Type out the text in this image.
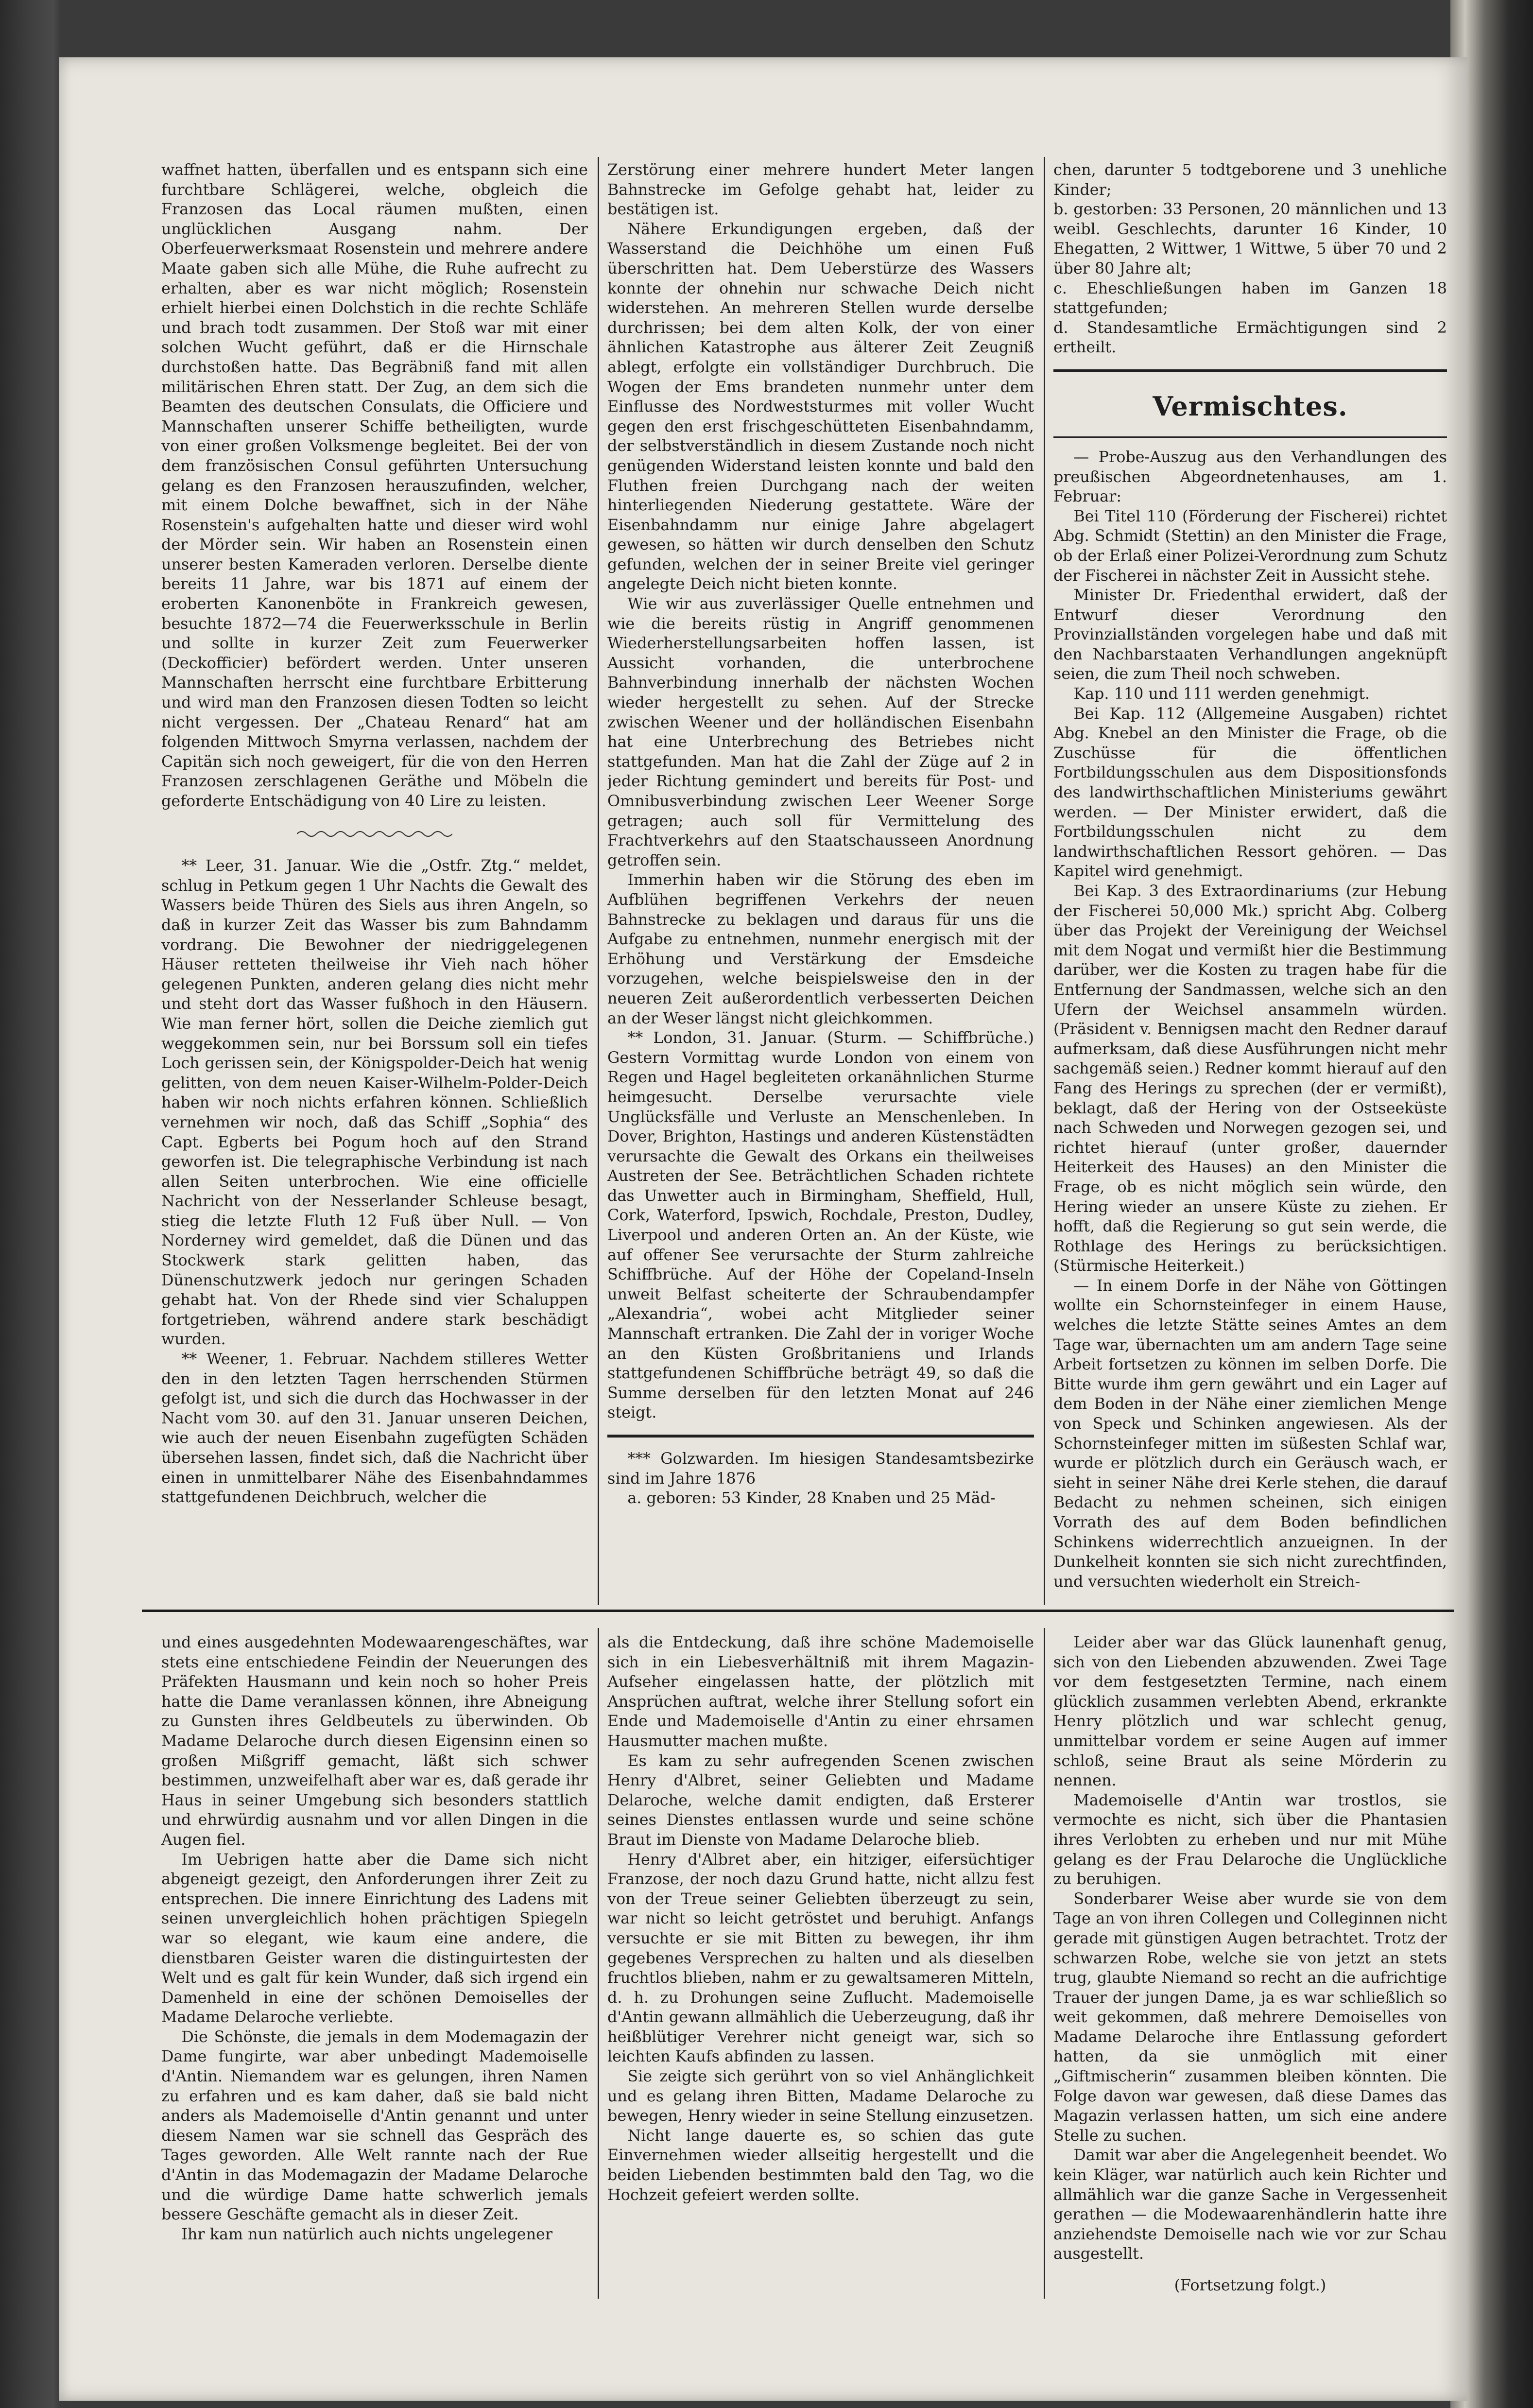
waffnet hatten, überfallen und es entspann sich eine furchtbare Schlägerei, welche, obgleich die Franzosen das Local räumen mußten, einen unglücklichen Ausgang nahm. Der Oberfeuerwerksmaat Rosenstein und mehrere andere Maate gaben sich alle Mühe, die Ruhe aufrecht zu erhalten, aber es war nicht möglich; Rosenstein erhielt hierbei einen Dolchstich in die rechte Schläfe und brach todt zusammen. Der Stoß war mit einer solchen Wucht geführt, daß er die Hirnschale durchstoßen hatte. Das Begräbniß fand mit allen militärischen Ehren statt. Der Zug, an dem sich die Beamten des deutschen Consulats, die Officiere und Mannschaften unserer Schiffe betheiligten, wurde von einer großen Volksmenge begleitet. Bei der von dem französischen Consul geführten Untersuchung gelang es den Franzosen herauszufinden, welcher, mit einem Dolche bewaffnet, sich in der Nähe Rosenstein's aufgehalten hatte und dieser wird wohl der Mörder sein. Wir haben an Rosenstein einen unserer besten Kameraden verloren. Derselbe diente bereits 11 Jahre, war bis 1871 auf einem der eroberten Kanonenböte in Frankreich gewesen, besuchte 1872—74 die Feuerwerksschule in Berlin und sollte in kurzer Zeit zum Feuerwerker (Deckofficier) befördert werden. Unter unseren Mannschaften herrscht eine furchtbare Erbitterung und wird man den Franzosen diesen Todten so leicht nicht vergessen. Der „Chateau Renard“ hat am folgenden Mittwoch Smyrna verlassen, nachdem der Capitän sich noch geweigert, für die von den Herren Franzosen zerschlagenen Geräthe und Möbeln die geforderte Entschädigung von 40 Lire zu leisten.

** Leer, 31. Januar. Wie die „Ostfr. Ztg.“ meldet, schlug in Petkum gegen 1 Uhr Nachts die Gewalt des Wassers beide Thüren des Siels aus ihren Angeln, so daß in kurzer Zeit das Wasser bis zum Bahndamm vordrang. Die Bewohner der niedriggelegenen Häuser retteten theilweise ihr Vieh nach höher gelegenen Punkten, anderen gelang dies nicht mehr und steht dort das Wasser fußhoch in den Häusern. Wie man ferner hört, sollen die Deiche ziemlich gut weggekommen sein, nur bei Borssum soll ein tiefes Loch gerissen sein, der Königspolder-Deich hat wenig gelitten, von dem neuen Kaiser-Wilhelm-Polder-Deich haben wir noch nichts erfahren können. Schließlich vernehmen wir noch, daß das Schiff „Sophia“ des Capt. Egberts bei Pogum hoch auf den Strand geworfen ist. Die telegraphische Verbindung ist nach allen Seiten unterbrochen. Wie eine officielle Nachricht von der Nesserlander Schleuse besagt, stieg die letzte Fluth 12 Fuß über Null. — Von Norderney wird gemeldet, daß die Dünen und das Stockwerk stark gelitten haben, das Dünenschutzwerk jedoch nur geringen Schaden gehabt hat. Von der Rhede sind vier Schaluppen fortgetrieben, während andere stark beschädigt wurden.

** Weener, 1. Februar. Nachdem stilleres Wetter den in den letzten Tagen herrschenden Stürmen gefolgt ist, und sich die durch das Hochwasser in der Nacht vom 30. auf den 31. Januar unseren Deichen, wie auch der neuen Eisenbahn zugefügten Schäden übersehen lassen, findet sich, daß die Nachricht über einen in unmittelbarer Nähe des Eisenbahndammes stattgefundenen Deichbruch, welcher die

Zerstörung einer mehrere hundert Meter langen Bahnstrecke im Gefolge gehabt hat, leider zu bestätigen ist.

Nähere Erkundigungen ergeben, daß der Wasserstand die Deichhöhe um einen Fuß überschritten hat. Dem Ueberstürze des Wassers konnte der ohnehin nur schwache Deich nicht widerstehen. An mehreren Stellen wurde derselbe durchrissen; bei dem alten Kolk, der von einer ähnlichen Katastrophe aus älterer Zeit Zeugniß ablegt, erfolgte ein vollständiger Durchbruch. Die Wogen der Ems brandeten nunmehr unter dem Einflusse des Nordweststurmes mit voller Wucht gegen den erst frischgeschütteten Eisenbahndamm, der selbstverständlich in diesem Zustande noch nicht genügenden Widerstand leisten konnte und bald den Fluthen freien Durchgang nach der weiten hinterliegenden Niederung gestattete. Wäre der Eisenbahndamm nur einige Jahre abgelagert gewesen, so hätten wir durch denselben den Schutz gefunden, welchen der in seiner Breite viel geringer angelegte Deich nicht bieten konnte.

Wie wir aus zuverlässiger Quelle entnehmen und wie die bereits rüstig in Angriff genommenen Wiederherstellungsarbeiten hoffen lassen, ist Aussicht vorhanden, die unterbrochene Bahnverbindung innerhalb der nächsten Wochen wieder hergestellt zu sehen. Auf der Strecke zwischen Weener und der holländischen Eisenbahn hat eine Unterbrechung des Betriebes nicht stattgefunden. Man hat die Zahl der Züge auf 2 in jeder Richtung gemindert und bereits für Post- und Omnibusverbindung zwischen Leer Weener Sorge getragen; auch soll für Vermittelung des Frachtverkehrs auf den Staatschausseen Anordnung getroffen sein.

Immerhin haben wir die Störung des eben im Aufblühen begriffenen Verkehrs der neuen Bahnstrecke zu beklagen und daraus für uns die Aufgabe zu entnehmen, nunmehr energisch mit der Erhöhung und Verstärkung der Emsdeiche vorzugehen, welche beispielsweise den in der neueren Zeit außerordentlich verbesserten Deichen an der Weser längst nicht gleichkommen.

** London, 31. Januar. (Sturm. — Schiffbrüche.) Gestern Vormittag wurde London von einem von Regen und Hagel begleiteten orkanähnlichen Sturme heimgesucht. Derselbe verursachte viele Unglücksfälle und Verluste an Menschenleben. In Dover, Brighton, Hastings und anderen Küstenstädten verursachte die Gewalt des Orkans ein theilweises Austreten der See. Beträchtlichen Schaden richtete das Unwetter auch in Birmingham, Sheffield, Hull, Cork, Waterford, Ipswich, Rochdale, Preston, Dudley, Liverpool und anderen Orten an. An der Küste, wie auf offener See verursachte der Sturm zahlreiche Schiffbrüche. Auf der Höhe der Copeland-Inseln unweit Belfast scheiterte der Schraubendampfer „Alexandria“, wobei acht Mitglieder seiner Mannschaft ertranken. Die Zahl der in voriger Woche an den Küsten Großbritaniens und Irlands stattgefundenen Schiffbrüche beträgt 49, so daß die Summe derselben für den letzten Monat auf 246 steigt.

*** Golzwarden. Im hiesigen Standesamtsbezirke sind im Jahre 1876

a. geboren: 53 Kinder, 28 Knaben und 25 Mäd-

chen, darunter 5 todtgeborene und 3 unehliche Kinder;

b. gestorben: 33 Personen, 20 männlichen und 13 weibl. Geschlechts, darunter 16 Kinder, 10 Ehegatten, 2 Wittwer, 1 Wittwe, 5 über 70 und 2 über 80 Jahre alt;

c. Eheschließungen haben im Ganzen 18 stattgefunden;

d. Standesamtliche Ermächtigungen sind 2 ertheilt.

Vermischtes.

— Probe-Auszug aus den Verhandlungen des preußischen Abgeordnetenhauses, am 1. Februar:

Bei Titel 110 (Förderung der Fischerei) richtet Abg. Schmidt (Stettin) an den Minister die Frage, ob der Erlaß einer Polizei-Verordnung zum Schutz der Fischerei in nächster Zeit in Aussicht stehe.

Minister Dr. Friedenthal erwidert, daß der Entwurf dieser Verordnung den Provinziallständen vorgelegen habe und daß mit den Nachbarstaaten Verhandlungen angeknüpft seien, die zum Theil noch schweben.

Kap. 110 und 111 werden genehmigt.

Bei Kap. 112 (Allgemeine Ausgaben) richtet Abg. Knebel an den Minister die Frage, ob die Zuschüsse für die öffentlichen Fortbildungsschulen aus dem Dispositionsfonds des landwirthschaftlichen Ministeriums gewährt werden. — Der Minister erwidert, daß die Fortbildungsschulen nicht zu dem landwirthschaftlichen Ressort gehören. — Das Kapitel wird genehmigt.

Bei Kap. 3 des Extraordinariums (zur Hebung der Fischerei 50,000 Mk.) spricht Abg. Colberg über das Projekt der Vereinigung der Weichsel mit dem Nogat und vermißt hier die Bestimmung darüber, wer die Kosten zu tragen habe für die Entfernung der Sandmassen, welche sich an den Ufern der Weichsel ansammeln würden. (Präsident v. Bennigsen macht den Redner darauf aufmerksam, daß diese Ausführungen nicht mehr sachgemäß seien.) Redner kommt hierauf auf den Fang des Herings zu sprechen (der er vermißt), beklagt, daß der Hering von der Ostseeküste nach Schweden und Norwegen gezogen sei, und richtet hierauf (unter großer, dauernder Heiterkeit des Hauses) an den Minister die Frage, ob es nicht möglich sein würde, den Hering wieder an unsere Küste zu ziehen. Er hofft, daß die Regierung so gut sein werde, die Rothlage des Herings zu berücksichtigen. (Stürmische Heiterkeit.)

— In einem Dorfe in der Nähe von Göttingen wollte ein Schornsteinfeger in einem Hause, welches die letzte Stätte seines Amtes an dem Tage war, übernachten um am andern Tage seine Arbeit fortsetzen zu können im selben Dorfe. Die Bitte wurde ihm gern gewährt und ein Lager auf dem Boden in der Nähe einer ziemlichen Menge von Speck und Schinken angewiesen. Als der Schornsteinfeger mitten im süßesten Schlaf war, wurde er plötzlich durch ein Geräusch wach, er sieht in seiner Nähe drei Kerle stehen, die darauf Bedacht zu nehmen scheinen, sich einigen Vorrath des auf dem Boden befindlichen Schinkens widerrechtlich anzueignen. In der Dunkelheit konnten sie sich nicht zurechtfinden, und versuchten wiederholt ein Streich-

und eines ausgedehnten Modewaarengeschäftes, war stets eine entschiedene Feindin der Neuerungen des Präfekten Hausmann und kein noch so hoher Preis hatte die Dame veranlassen können, ihre Abneigung zu Gunsten ihres Geldbeutels zu überwinden. Ob Madame Delaroche durch diesen Eigensinn einen so großen Mißgriff gemacht, läßt sich schwer bestimmen, unzweifelhaft aber war es, daß gerade ihr Haus in seiner Umgebung sich besonders stattlich und ehrwürdig ausnahm und vor allen Dingen in die Augen fiel.

Im Uebrigen hatte aber die Dame sich nicht abgeneigt gezeigt, den Anforderungen ihrer Zeit zu entsprechen. Die innere Einrichtung des Ladens mit seinen unvergleichlich hohen prächtigen Spiegeln war so elegant, wie kaum eine andere, die dienstbaren Geister waren die distinguirtesten der Welt und es galt für kein Wunder, daß sich irgend ein Damenheld in eine der schönen Demoiselles der Madame Delaroche verliebte.

Die Schönste, die jemals in dem Modemagazin der Dame fungirte, war aber unbedingt Mademoiselle d'Antin. Niemandem war es gelungen, ihren Namen zu erfahren und es kam daher, daß sie bald nicht anders als Mademoiselle d'Antin genannt und unter diesem Namen war sie schnell das Gespräch des Tages geworden. Alle Welt rannte nach der Rue d'Antin in das Modemagazin der Madame Delaroche und die würdige Dame hatte schwerlich jemals bessere Geschäfte gemacht als in dieser Zeit.

Ihr kam nun natürlich auch nichts ungelegener

als die Entdeckung, daß ihre schöne Mademoiselle sich in ein Liebesverhältniß mit ihrem Magazin-Aufseher eingelassen hatte, der plötzlich mit Ansprüchen auftrat, welche ihrer Stellung sofort ein Ende und Mademoiselle d'Antin zu einer ehrsamen Hausmutter machen mußte.

Es kam zu sehr aufregenden Scenen zwischen Henry d'Albret, seiner Geliebten und Madame Delaroche, welche damit endigten, daß Ersterer seines Dienstes entlassen wurde und seine schöne Braut im Dienste von Madame Delaroche blieb.

Henry d'Albret aber, ein hitziger, eifersüchtiger Franzose, der noch dazu Grund hatte, nicht allzu fest von der Treue seiner Geliebten überzeugt zu sein, war nicht so leicht getröstet und beruhigt. Anfangs versuchte er sie mit Bitten zu bewegen, ihr ihm gegebenes Versprechen zu halten und als dieselben fruchtlos blieben, nahm er zu gewaltsameren Mitteln, d. h. zu Drohungen seine Zuflucht. Mademoiselle d'Antin gewann allmählich die Ueberzeugung, daß ihr heißblütiger Verehrer nicht geneigt war, sich so leichten Kaufs abfinden zu lassen.

Sie zeigte sich gerührt von so viel Anhänglichkeit und es gelang ihren Bitten, Madame Delaroche zu bewegen, Henry wieder in seine Stellung einzusetzen.

Nicht lange dauerte es, so schien das gute Einvernehmen wieder allseitig hergestellt und die beiden Liebenden bestimmten bald den Tag, wo die Hochzeit gefeiert werden sollte.

Leider aber war das Glück launenhaft genug, sich von den Liebenden abzuwenden. Zwei Tage vor dem festgesetzten Termine, nach einem glücklich zusammen verlebten Abend, erkrankte Henry plötzlich und war schlecht genug, unmittelbar vordem er seine Augen auf immer schloß, seine Braut als seine Mörderin zu nennen.

Mademoiselle d'Antin war trostlos, sie vermochte es nicht, sich über die Phantasien ihres Verlobten zu erheben und nur mit Mühe gelang es der Frau Delaroche die Unglückliche zu beruhigen.

Sonderbarer Weise aber wurde sie von dem Tage an von ihren Collegen und Colleginnen nicht gerade mit günstigen Augen betrachtet. Trotz der schwarzen Robe, welche sie von jetzt an stets trug, glaubte Niemand so recht an die aufrichtige Trauer der jungen Dame, ja es war schließlich so weit gekommen, daß mehrere Demoiselles von Madame Delaroche ihre Entlassung gefordert hatten, da sie unmöglich mit einer „Giftmischerin“ zusammen bleiben könnten. Die Folge davon war gewesen, daß diese Dames das Magazin verlassen hatten, um sich eine andere Stelle zu suchen.

Damit war aber die Angelegenheit beendet. Wo kein Kläger, war natürlich auch kein Richter und allmählich war die ganze Sache in Vergessenheit gerathen — die Modewaarenhändlerin hatte ihre anziehendste Demoiselle nach wie vor zur Schau ausgestellt.

(Fortsetzung folgt.)
